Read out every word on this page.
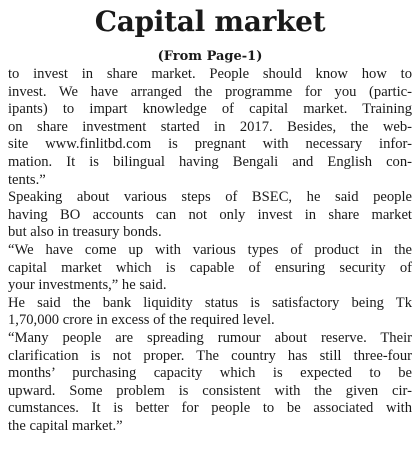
Capital market
(From Page-1)
to invest in share market. People should know how to
invest. We have arranged the programme for you (partic-
ipants) to impart knowledge of capital market. Training
on share investment started in 2017. Besides, the web-
site www.finlitbd.com is pregnant with necessary infor-
mation. It is bilingual having Bengali and English con-
tents.”
Speaking about various steps of BSEC, he said people
having BO accounts can not only invest in share market
but also in treasury bonds.
“We have come up with various types of product in the
capital market which is capable of ensuring security of
your investments,” he said.
He said the bank liquidity status is satisfactory being Tk
1,70,000 crore in excess of the required level.
“Many people are spreading rumour about reserve. Their
clarification is not proper. The country has still three-four
months’ purchasing capacity which is expected to be
upward. Some problem is consistent with the given cir-
cumstances. It is better for people to be associated with
the capital market.”
